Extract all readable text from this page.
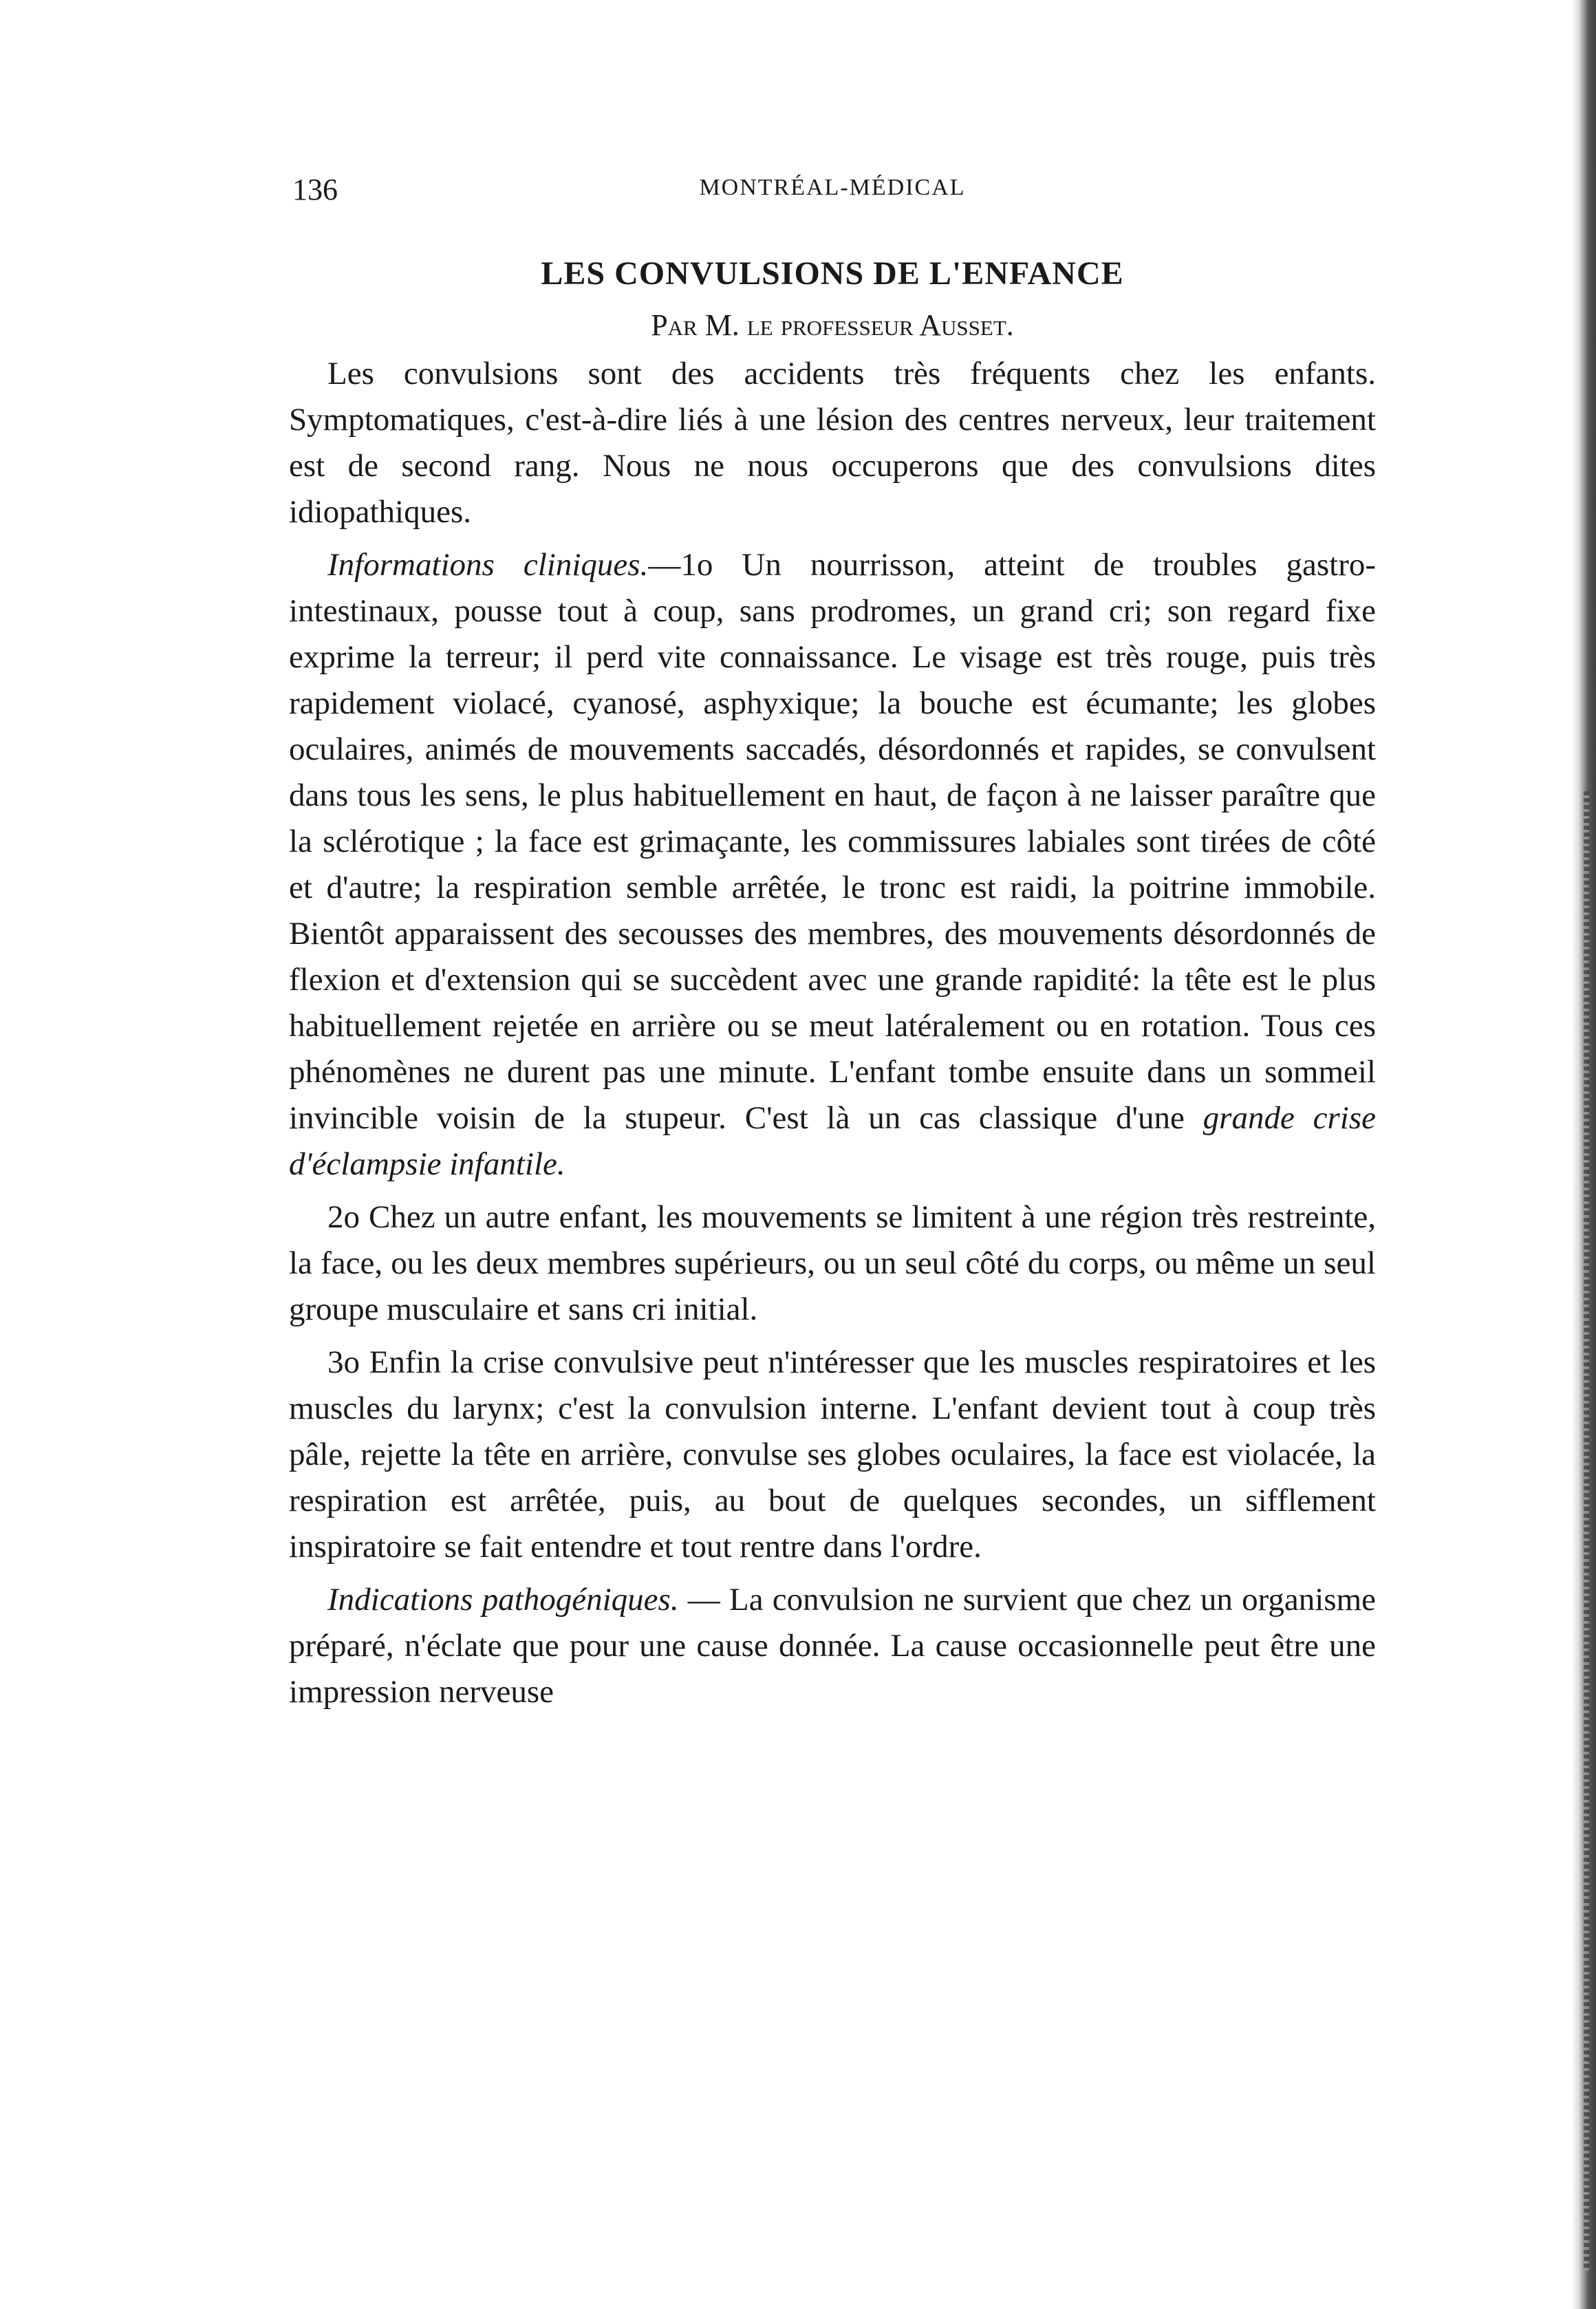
136	MONTRÉAL-MÉDICAL
LES CONVULSIONS DE L'ENFANCE
Par M. le professeur Ausset.

Les convulsions sont des accidents très fréquents chez les enfants. Symptomatiques, c'est-à-dire liés à une lésion des centres nerveux, leur traitement est de second rang. Nous ne nous occuperons que des convulsions dites idiopathiques.

Informations cliniques.—1o Un nourrisson, atteint de troubles gastro-intestinaux, pousse tout à coup, sans prodromes, un grand cri; son regard fixe exprime la terreur; il perd vite connaissance. Le visage est très rouge, puis très rapidement violacé, cyanosé, asphyxique; la bouche est écumante; les globes oculaires, animés de mouvements saccadés, désordonnés et rapides, se convulsent dans tous les sens, le plus habituellement en haut, de façon à ne laisser paraître que la sclérotique ; la face est grimaçante, les commissures labiales sont tirées de côté et d'autre; la respiration semble arrêtée, le tronc est raidi, la poitrine immobile. Bientôt apparaissent des secousses des membres, des mouvements désordonnés de flexion et d'extension qui se succèdent avec une grande rapidité: la tête est le plus habituellement rejetée en arrière ou se meut latéralement ou en rotation. Tous ces phénomènes ne durent pas une minute. L'enfant tombe ensuite dans un sommeil invincible voisin de la stupeur. C'est là un cas classique d'une grande crise d'éclampsie infantile.

2o Chez un autre enfant, les mouvements se limitent à une région très restreinte, la face, ou les deux membres supérieurs, ou un seul côté du corps, ou même un seul groupe musculaire et sans cri initial.

3o Enfin la crise convulsive peut n'intéresser que les muscles respiratoires et les muscles du larynx; c'est la convulsion interne. L'enfant devient tout à coup très pâle, rejette la tête en arrière, convulse ses globes oculaires, la face est violacée, la respiration est arrêtée, puis, au bout de quelques secondes, un sifflement inspiratoire se fait entendre et tout rentre dans l'ordre.

Indications pathogéniques. — La convulsion ne survient que chez un organisme préparé, n'éclate que pour une cause donnée. La cause occasionnelle peut être une impression nerveuse
